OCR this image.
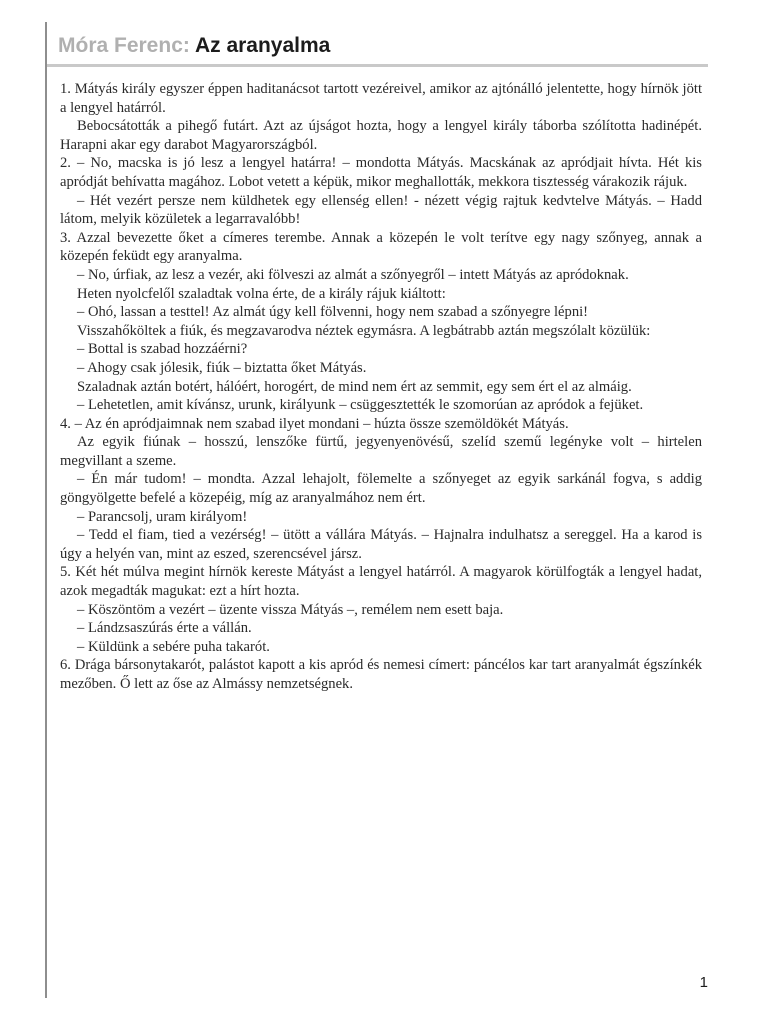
Móra Ferenc: Az aranyalma

1. Mátyás király egyszer éppen haditanácsot tartott vezéreivel, amikor az ajtónálló jelentette, hogy hírnök jött a lengyel határról.

Bebocsátották a pihegő futárt. Azt az újságot hozta, hogy a lengyel király táborba szólította hadinépét. Harapni akar egy darabot Magyarországból.

2. – No, macska is jó lesz a lengyel határra! – mondotta Mátyás. Macskának az apródjait hívta. Hét kis apródját behívatta magához. Lobot vetett a képük, mikor meghallották, mekkora tisztesség várakozik rájuk.

– Hét vezért persze nem küldhetek egy ellenség ellen! - nézett végig rajtuk kedvtelve Mátyás. – Hadd látom, melyik közületek a legarravalóbb!

3. Azzal bevezette őket a címeres terembe. Annak a közepén le volt terítve egy nagy szőnyeg, annak a közepén feküdt egy aranyalma.

– No, úrfiak, az lesz a vezér, aki fölveszi az almát a szőnyegről – intett Mátyás az apródoknak.

Heten nyolcfelől szaladtak volna érte, de a király rájuk kiáltott:

– Ohó, lassan a testtel! Az almát úgy kell fölvenni, hogy nem szabad a szőnyegre lépni!

Visszahőköltek a fiúk, és megzavarodva néztek egymásra. A legbátrabb aztán megszólalt közülük:

– Bottal is szabad hozzáérni?

– Ahogy csak jólesik, fiúk – biztatta őket Mátyás.

Szaladnak aztán botért, hálóért, horogért, de mind nem ért az semmit, egy sem ért el az almáig.

– Lehetetlen, amit kívánsz, urunk, királyunk – csüggesztették le szomorúan az apródok a fejüket.

4. – Az én apródjaimnak nem szabad ilyet mondani – húzta össze szemöldökét Mátyás.

Az egyik fiúnak – hosszú, lenszőke fürtű, jegyenyenövésű, szelíd szemű legényke volt – hirtelen megvillant a szeme.

– Én már tudom! – mondta. Azzal lehajolt, fölemelte a szőnyeget az egyik sarkánál fogva, s addig göngyölgette befelé a közepéig, míg az aranyalmához nem ért.

– Parancsolj, uram királyom!

– Tedd el fiam, tied a vezérség! – ütött a vállára Mátyás. – Hajnalra indulhatsz a sereggel. Ha a karod is úgy a helyén van, mint az eszed, szerencsével jársz.

5. Két hét múlva megint hírnök kereste Mátyást a lengyel határról. A magyarok körülfogták a lengyel hadat, azok megadták magukat: ezt a hírt hozta.

– Köszöntöm a vezért – üzente vissza Mátyás –, remélem nem esett baja.

– Lándzsaszúrás érte a vállán.

– Küldünk a sebére puha takarót.

6. Drága bársonytakarót, palástot kapott a kis apród és nemesi címert: páncélos kar tart aranyalmát égszínkék mezőben. Ő lett az őse az Almássy nemzetségnek.

1
